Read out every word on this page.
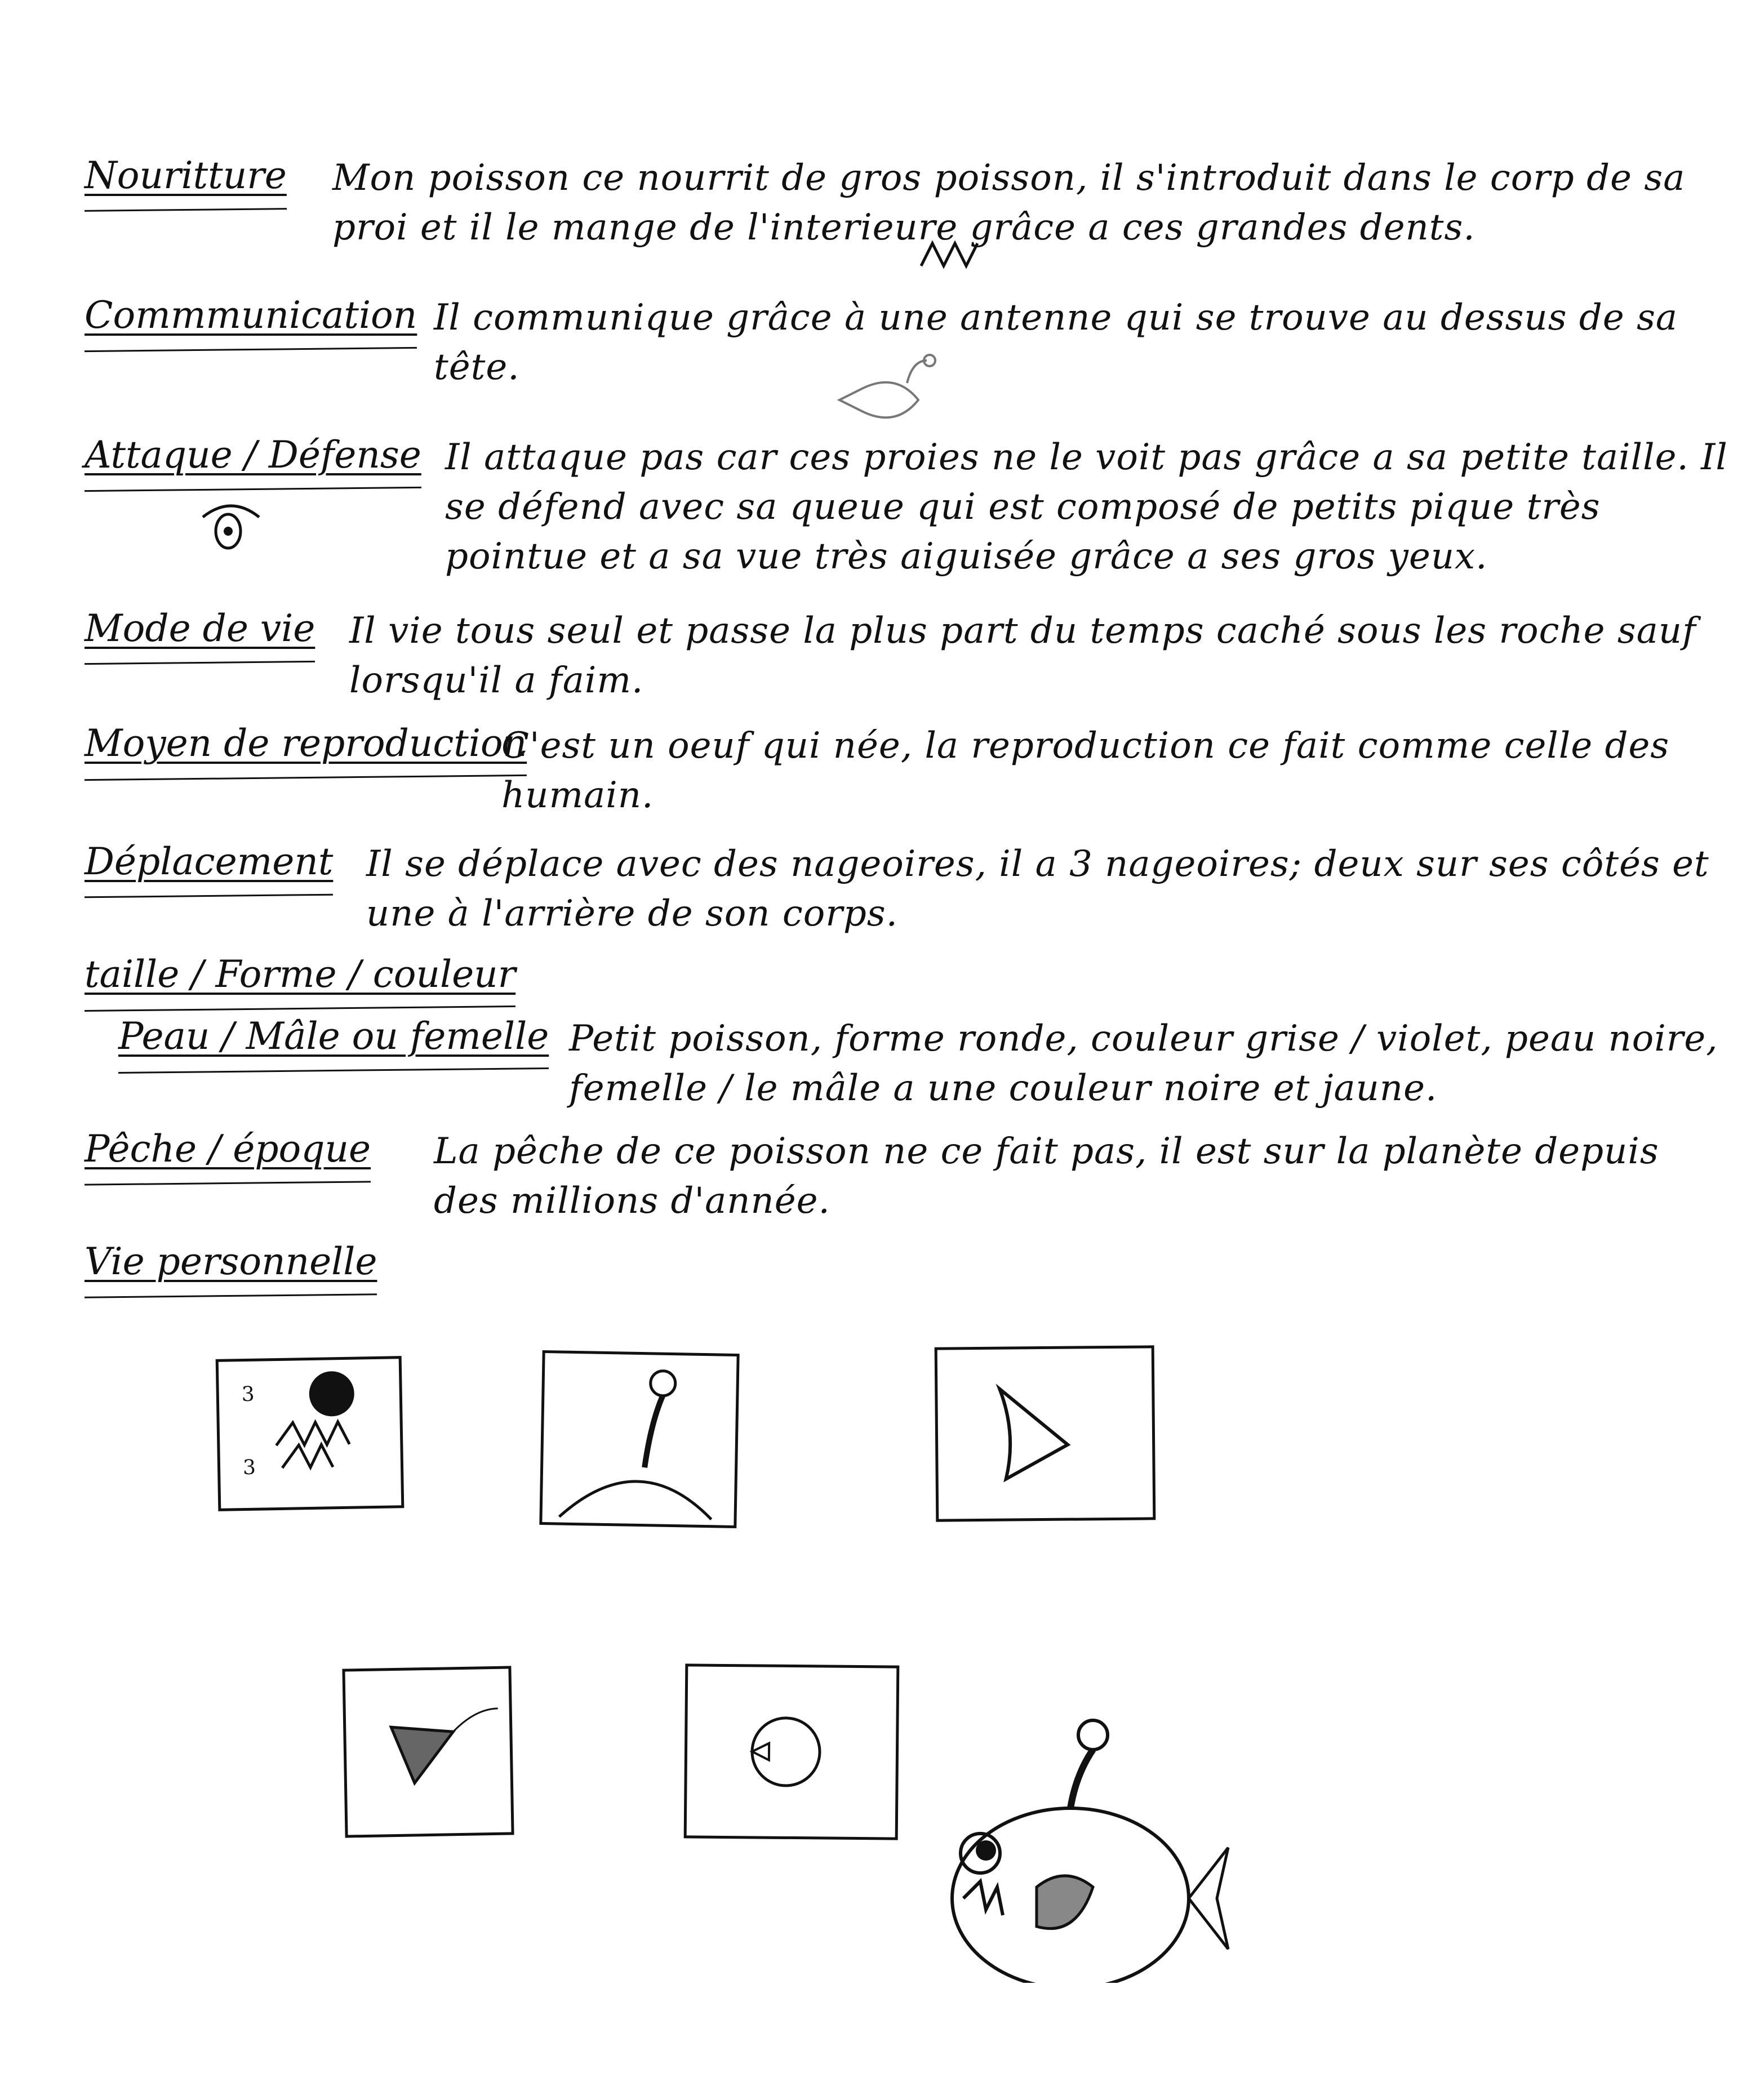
Nouritture Mon poisson ce nourrit de gros poisson, il s'introduit dans le corp de sa proi et il le mange de l'interieure grâce a ces grandes dents.
Commmunication Il communique grâce à une antenne qui se trouve au dessus de sa tête.
Attaque / Défense Il attaque pas car ces proies ne le voit pas grâce a sa petite taille. Il se défend avec sa queue qui est composé de petits pique très pointue et a sa vue très aiguisée grâce a ses gros yeux.
Mode de vie Il vie tous seul et passe la plus part du temps caché sous les roche sauf lorsqu'il a faim.
Moyen de reproduction
C'est un oeuf qui née, la reproduction ce fait comme celle des humain.
Déplacement Il se déplace avec des nageoires, il a 3 nageoires; deux sur ses côtés et une à l'arrière de son corps.
taille / Forme / couleur
Peau / Mâle ou femelle Petit poisson, forme ronde, couleur grise / violet, peau noire, femelle / le mâle a une couleur noire et jaune.
Pêche / époque La pêche de ce poisson ne ce fait pas, il est sur la planète depuis des millions d'année.
Vie personnelle
3
3
